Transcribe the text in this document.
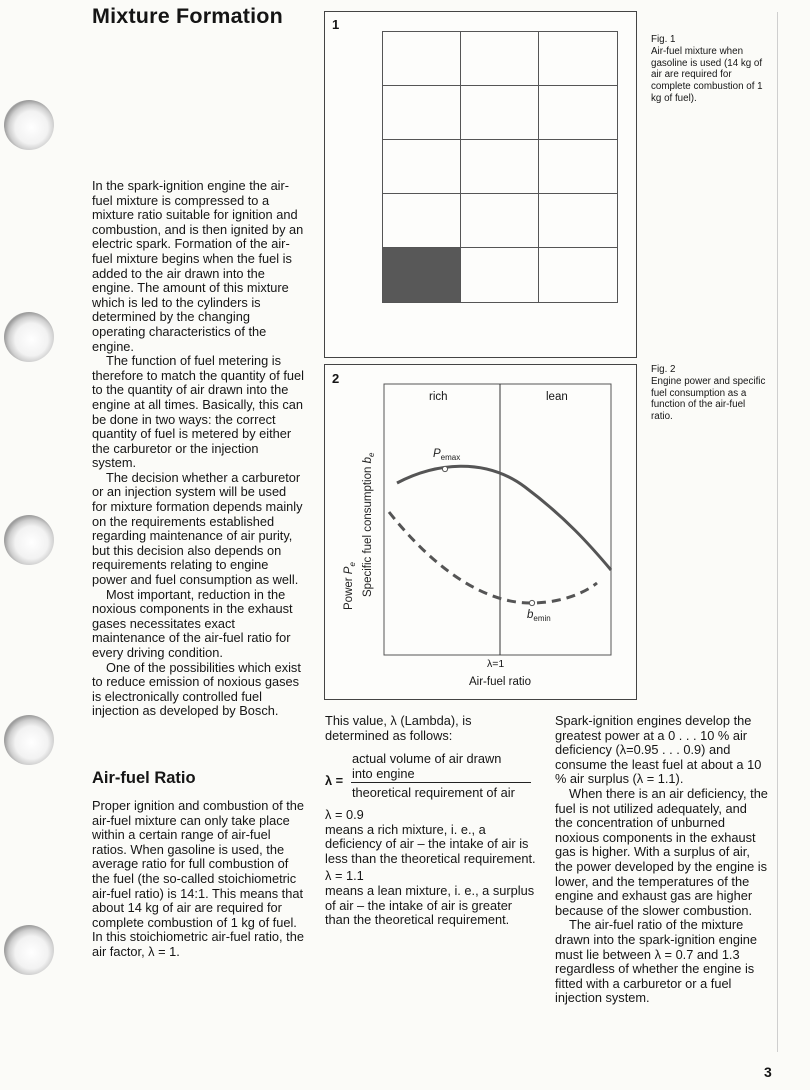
Mixture Formation

In the spark-ignition engine the air-fuel mixture is compressed to a mixture ratio suitable for ignition and combustion, and is then ignited by an electric spark. Formation of the air-fuel mixture begins when the fuel is added to the air drawn into the engine. The amount of this mixture which is led to the cylinders is determined by the changing operating characteristics of the engine.

The function of fuel metering is therefore to match the quantity of fuel to the quantity of air drawn into the engine at all times. Basically, this can be done in two ways: the correct quantity of fuel is metered by either the carburetor or the injection system.

The decision whether a carburetor or an injection system will be used for mixture formation depends mainly on the requirements established regarding maintenance of air purity, but this decision also depends on requirements relating to engine power and fuel consumption as well.

Most important, reduction in the noxious components in the exhaust gases necessitates exact maintenance of the air-fuel ratio for every driving condition.

One of the possibilities which exist to reduce emission of noxious gases is electronically controlled fuel injection as developed by Bosch.

Air-fuel Ratio

Proper ignition and combustion of the air-fuel mixture can only take place within a certain range of air-fuel ratios. When gasoline is used, the average ratio for full combustion of the fuel (the so-called stoichiometric air-fuel ratio) is 14:1. This means that about 14 kg of air are required for complete combustion of 1 kg of fuel. In this stoichiometric air-fuel ratio, the air factor, λ = 1.

1

Fig. 1

Air-fuel mixture when gasoline is used (14 kg of air are required for complete combustion of 1 kg of fuel).

2
Power $P_e$ Specific fuel consumption $b_e$	$P_{emax}$
$b_{emin}$
rich	lean
λ=1
Air-fuel ratio

Fig. 2

Engine power and specific fuel consumption as a function of the air-fuel ratio.

This value, λ (Lambda), is determined as follows:

λ =
actual volume of air drawn into engine
theoretical requirement of air

λ = 0.9

means a rich mixture, i. e., a deficiency of air – the intake of air is less than the theoretical requirement.

λ = 1.1

means a lean mixture, i. e., a surplus of air – the intake of air is greater than the theoretical requirement.

Spark-ignition engines develop the greatest power at a 0 . . . 10 % air deficiency (λ=0.95 . . . 0.9) and consume the least fuel at about a 10 % air surplus (λ = 1.1).

When there is an air deficiency, the fuel is not utilized adequately, and the concentration of unburned noxious components in the exhaust gas is higher. With a surplus of air, the power developed by the engine is lower, and the temperatures of the engine and exhaust gas are higher because of the slower combustion.

The air-fuel ratio of the mixture drawn into the spark-ignition engine must lie between λ = 0.7 and 1.3 regardless of whether the engine is fitted with a carburetor or a fuel injection system.

3
